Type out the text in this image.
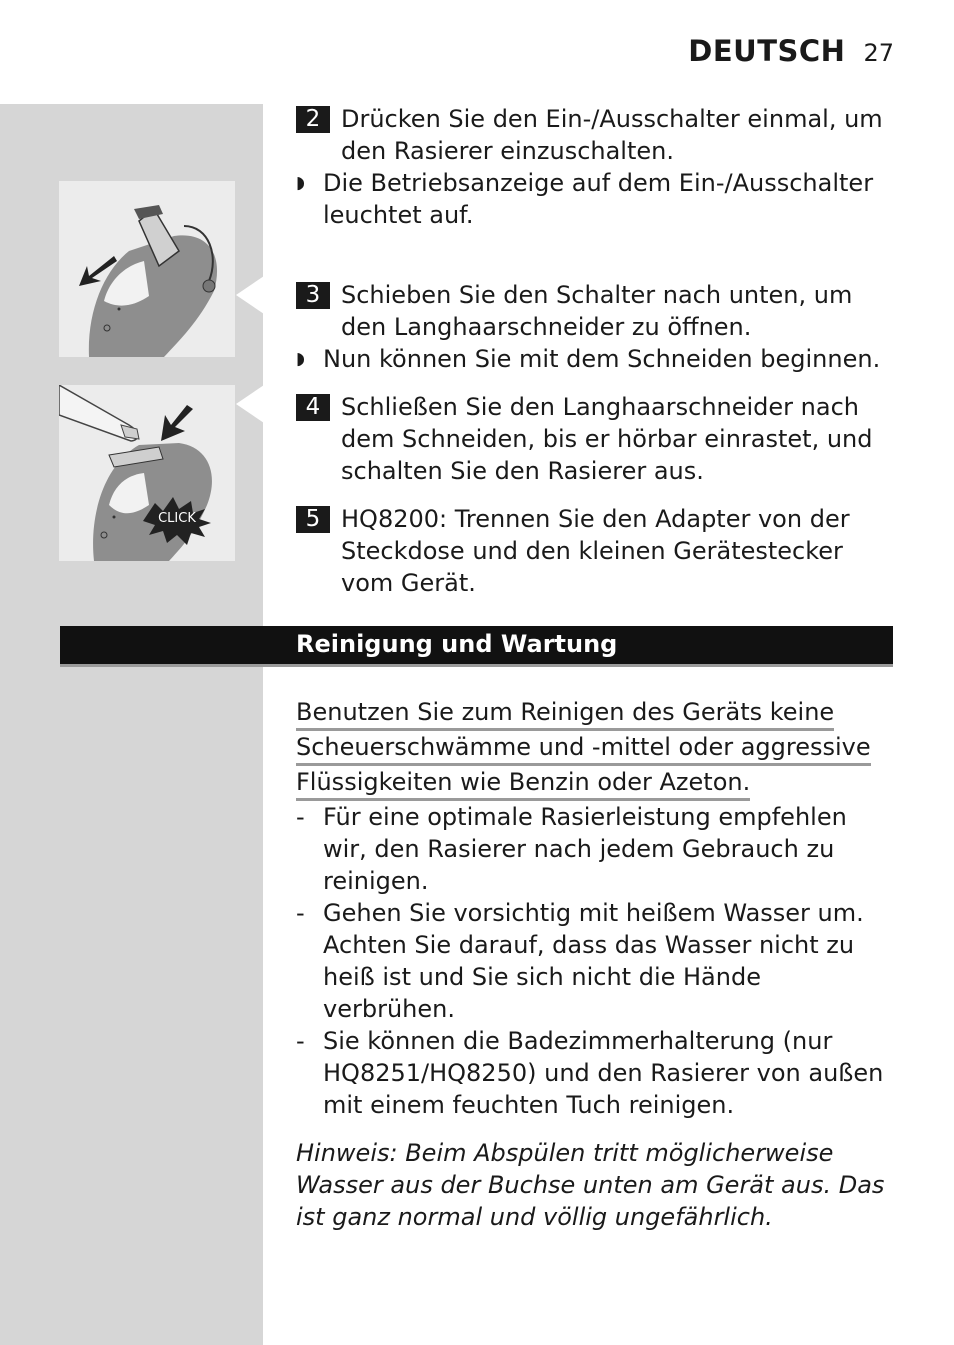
DEUTSCH 27
CLICK
2 Drücken Sie den Ein-/Ausschalter einmal, um den Rasierer einzuschalten.
◗ Die Betriebsanzeige auf dem Ein-/Ausschalter leuchtet auf.
3 Schieben Sie den Schalter nach unten, um den Langhaarschneider zu öffnen.
◗ Nun können Sie mit dem Schneiden beginnen.
4 Schließen Sie den Langhaarschneider nach dem Schneiden, bis er hörbar einrastet, und schalten Sie den Rasierer aus.
5 HQ8200: Trennen Sie den Adapter von der Steckdose und den kleinen Gerätestecker vom Gerät.
Reinigung und Wartung
Benutzen Sie zum Reinigen des Geräts keine
Scheuerschwämme und -mittel oder aggressive
Flüssigkeiten wie Benzin oder Azeton.
- Für eine optimale Rasierleistung empfehlen wir, den Rasierer nach jedem Gebrauch zu reinigen.
- Gehen Sie vorsichtig mit heißem Wasser um. Achten Sie darauf, dass das Wasser nicht zu heiß ist und Sie sich nicht die Hände verbrühen.
- Sie können die Badezimmerhalterung (nur HQ8251/HQ8250) und den Rasierer von außen mit einem feuchten Tuch reinigen.
Hinweis: Beim Abspülen tritt möglicherweise Wasser aus der Buchse unten am Gerät aus. Das ist ganz normal und völlig ungefährlich.
